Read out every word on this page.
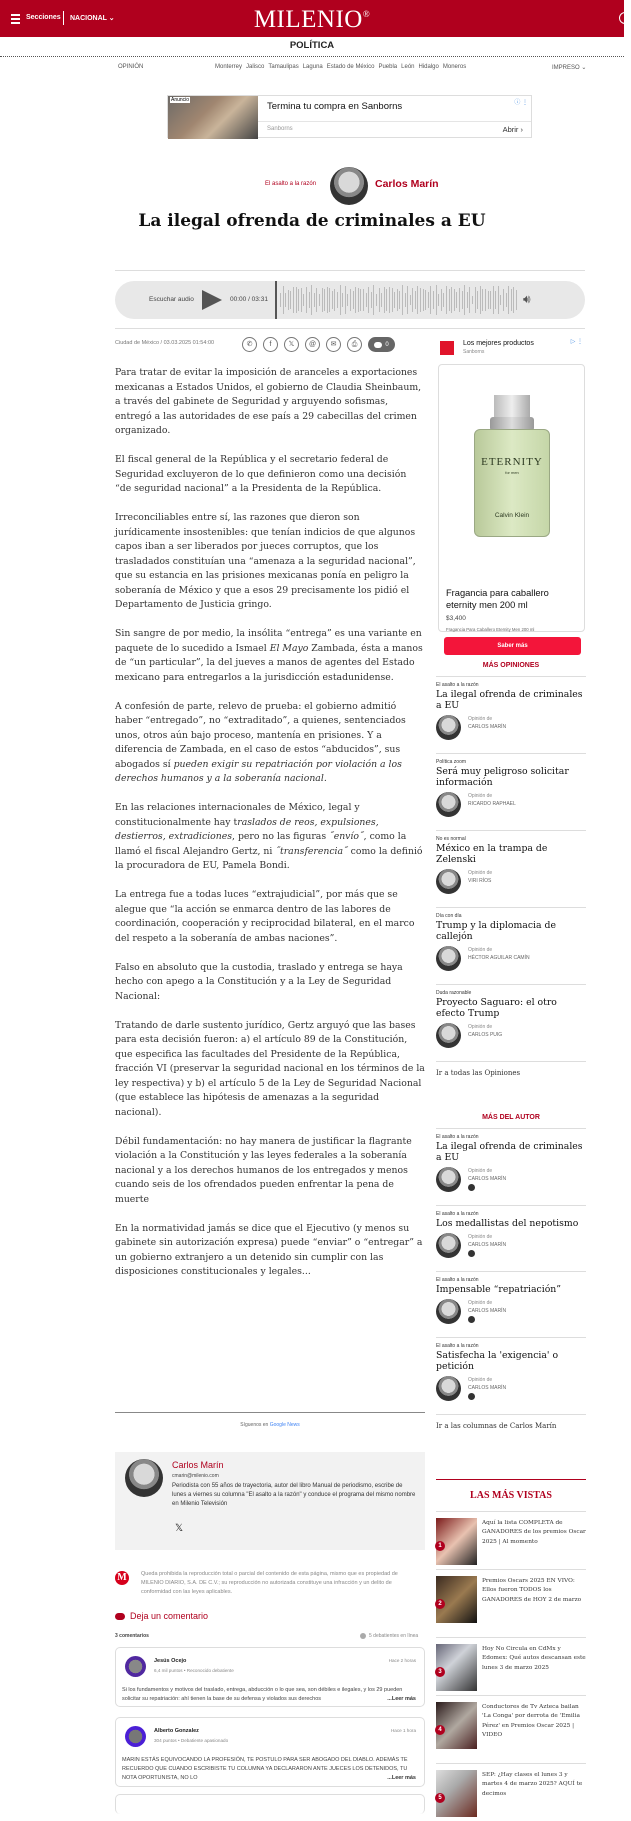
Secciones NACIONAL ⌄	MILENIO®
POLÍTICA
OPINIÓN	Monterrey Jalisco Tamaulipas Laguna Estado de México Puebla León Hidalgo Moneros	IMPRESO ⌄
Anuncio
Termina tu compra en Sanborns	ⓘ ⋮
Sanborns	Abrir ›
El asalto a la razón	Carlos Marín
La ilegal ofrenda de criminales a EU
Escuchar audio	00:00 / 03:31	🔊︎
Ciudad de México / 03.03.2025 01:54:00	✆	f	𝕏	@	✉	⎙	0

Para tratar de evitar la imposición de aranceles a exportaciones mexicanas a Estados Unidos, el gobierno de Claudia Sheinbaum, a través del gabinete de Seguridad y arguyendo sofismas, entregó a las autoridades de ese país a 29 cabecillas del crimen organizado.

El fiscal general de la República y el secretario federal de Seguridad excluyeron de lo que definieron como una decisión “de seguridad nacional” a la Presidenta de la República.

Irreconciliables entre sí, las razones que dieron son jurídicamente insostenibles: que tenían indicios de que algunos capos iban a ser liberados por jueces corruptos, que los trasladados constituían una “amenaza a la seguridad nacional”, que su estancia en las prisiones mexicanas ponía en peligro la soberanía de México y que a esos 29 precisamente los pidió el Departamento de Justicia gringo.

Sin sangre de por medio, la insólita “entrega” es una variante en paquete de lo sucedido a Ismael El Mayo Zambada, ésta a manos de “un particular”, la del jueves a manos de agentes del Estado mexicano para entregarlos a la jurisdicción estadunidense.

A confesión de parte, relevo de prueba: el gobierno admitió haber “entregado”, no “extraditado”, a quienes, sentenciados unos, otros aún bajo proceso, mantenía en prisiones. Y a diferencia de Zambada, en el caso de estos “abducidos”, sus abogados sí pueden exigir su repatriación por violación a los derechos humanos y a la soberanía nacional.

En las relaciones internacionales de México, legal y constitucionalmente hay traslados de reos, expulsiones, destierros, extradiciones, pero no las figuras ˝envío˝, como la llamó el fiscal Alejandro Gertz, ni ˝transferencia˝ como la definió la procuradora de EU, Pamela Bondi.

La entrega fue a todas luces “extrajudicial”, por más que se alegue que “la acción se enmarca dentro de las labores de coordinación, cooperación y reciprocidad bilateral, en el marco del respeto a la soberanía de ambas naciones”.

Falso en absoluto que la custodia, traslado y entrega se haya hecho con apego a la Constitución y a la Ley de Seguridad Nacional:

Tratando de darle sustento jurídico, Gertz arguyó que las bases para esta decisión fueron: a) el artículo 89 de la Constitución, que especifica las facultades del Presidente de la República, fracción VI (preservar la seguridad nacional en los términos de la ley respectiva) y b) el artículo 5 de la Ley de Seguridad Nacional (que establece las hipótesis de amenazas a la seguridad nacional).

Débil fundamentación: no hay manera de justificar la flagrante violación a la Constitución y las leyes federales a la soberanía nacional y a los derechos humanos de los entregados y menos cuando seis de los ofrendados pueden enfrentar la pena de muerte

En la normatividad jamás se dice que el Ejecutivo (y menos su gabinete sin autorización expresa) puede “enviar” o “entregar” a un gobierno extranjero a un detenido sin cumplir con las disposiciones constitucionales y legales...

Los mejores productos
Sanborns
▷ ⋮
ETERNITY
for men
Calvin Klein
Fragancia para caballero eternity men 200 ml
$3,400
Fragancia Para Caballero Eternity Men 200 ml
Saber más
MÁS OPINIONES
El asalto a la razón
La ilegal ofrenda de criminales a EU
Opinión de
CARLOS MARÍN
Política zoom
Será muy peligroso solicitar información
Opinión de
RICARDO RAPHAEL
No es normal
México en la trampa de Zelenski
Opinión de
VIRI RÍOS
Día con día
Trump y la diplomacia de callejón
Opinión de
HÉCTOR AGUILAR CAMÍN
Duda razonable
Proyecto Saguaro: el otro efecto Trump
Opinión de
CARLOS PUIG
Ir a todas las Opiniones
MÁS DEL AUTOR
El asalto a la razón
La ilegal ofrenda de criminales a EU
Opinión de
CARLOS MARÍN
El asalto a la razón
Los medallistas del nepotismo
Opinión de
CARLOS MARÍN
El asalto a la razón
Impensable “repatriación”
Opinión de
CARLOS MARÍN
El asalto a la razón
Satisfecha la 'exigencia' o petición
Opinión de
CARLOS MARÍN
Ir a las columnas de Carlos Marín
LAS MÁS VISTAS
1
Aquí la lista COMPLETA de GANADORES de los premios Oscar 2025 | Al momento
2
Premios Oscars 2025 EN VIVO: Ellos fueron TODOS los GANADORES de HOY 2 de marzo
3
Hoy No Circula en CdMx y Edomex: Qué autos descansan este lunes 3 de marzo 2025
4
Conductores de Tv Azteca bailan 'La Conga' por derrota de 'Emilia Pérez' en Premios Oscar 2025 | VIDEO
5
SEP: ¿Hay clases el lunes 3 y martes 4 de marzo 2025? AQUÍ te decimos
Síguenos en Google News
Carlos Marín
cmarin@milenio.com

Periodista con 55 años de trayectoria, autor del libro Manual de periodismo, escribe de lunes a viernes su columna "El asalto a la razón" y conduce el programa del mismo nombre en Milenio Televisión

𝕏
M	Queda prohibida la reproducción total o parcial del contenido de esta página, mismo que es propiedad de MILENIO DIARIO, S.A. DE C.V.; su reproducción no autorizada constituye una infracción y un delito de conformidad con las leyes aplicables.

Deja un comentario
3 comentarios	5 debatientes en línea
Jesús Ocejo
6,4 mil puntos • Reconocido debatiente
Hace 2 horas

Si los fundamentos y motivos del traslado, entrega, abducción o lo que sea, son débiles e ilegales, y los 29 pueden solicitar su repatriación: ahí tienen la base de su defensa y violados sus derechos	...Leer más
Alberto Gonzalez
304 puntos • Debatiente apasionado
Hace 1 hora

MARIN ESTÁS EQUIVOCANDO LA PROFESIÓN, TE POSTULO PARA SER ABOGADO DEL DIABLO. ADEMÁS TE RECUERDO QUE CUANDO ESCRIBISTE TU COLUMNA YA DECLARARON ANTE JUECES LOS DETENIDOS, TU NOTA OPORTUNISTA, NO LO	...Leer más
